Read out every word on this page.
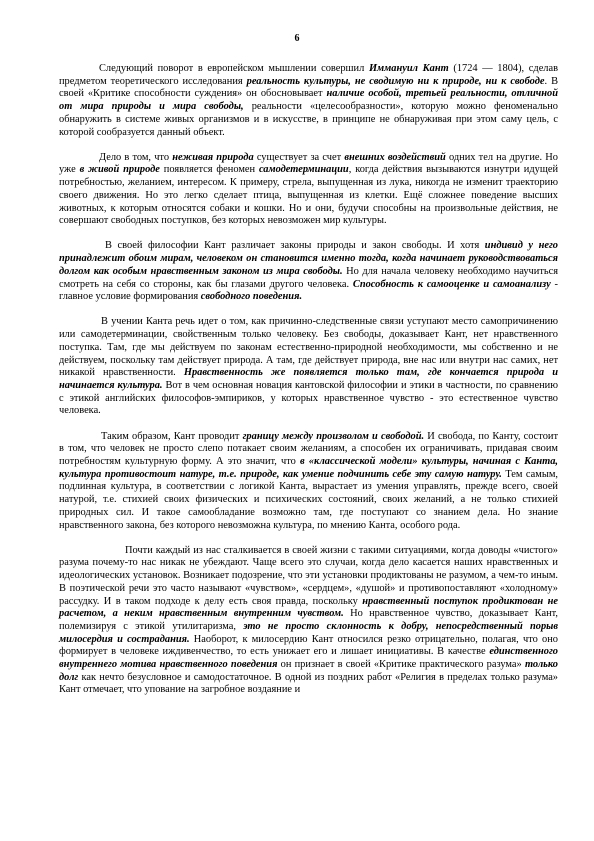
6

Следующий поворот в европейском мышлении совершил Иммануил Кант (1724 — 1804), сделав предметом теоретического исследования реальность культуры, не сводимую ни к природе, ни к свободе. В своей «Критике способности суждения» он обосновывает наличие особой, третьей реальности, отличной от мира природы и мира свободы, реальности «целесообразности», которую можно феноменально обнаружить в системе живых организмов и в искусстве, в принципе не обнаруживая при этом саму цель, с которой сообразуется данный объект.

Дело в том, что неживая природа существует за счет внешних воздействий одних тел на другие. Но уже в живой природе появляется феномен самодетерминации, когда действия вызываются изнутри идущей потребностью, желанием, интересом. К примеру, стрела, выпущенная из лука, никогда не изменит траекторию своего движения. Но это легко сделает птица, выпущенная из клетки. Ещё сложнее поведение высших животных, к которым относятся собаки и кошки. Но и они, будучи способны на произвольные действия, не совершают свободных поступков, без которых невозможен мир культуры.

В своей философии Кант различает законы природы и закон свободы. И хотя индивид у него принадлежит обоим мирам, человеком он становится именно тогда, когда начинает руководствоваться долгом как особым нравственным законом из мира свободы. Но для начала человеку необходимо научиться смотреть на себя со стороны, как бы глазами другого человека. Способность к самооценке и самоанализу - главное условие формирования свободного поведения.

В учении Канта речь идет о том, как причинно-следственные связи уступают место самопричинению или самодетерминации, свойственным только человеку. Без свободы, доказывает Кант, нет нравственного поступка. Там, где мы действуем по законам естественно-природной необходимости, мы собственно и не действуем, поскольку там действует природа. А там, где действует природа, вне нас или внутри нас самих, нет никакой нравственности. Нравственность же появляется только там, где кончается природа и начинается культура. Вот в чем основная новация кантовской философии и этики в частности, по сравнению с этикой английских философов-эмпириков, у которых нравственное чувство - это естественное чувство человека.

Таким образом, Кант проводит границу между произволом и свободой. И свобода, по Канту, состоит в том, что человек не просто слепо потакает своим желаниям, а способен их ограничивать, придавая своим потребностям культурную форму. А это значит, что в «классической модели» культуры, начиная с Канта, культура противостоит натуре, т.е. природе, как умение подчинить себе эту самую натуру. Тем самым, подлинная культура, в соответствии с логикой Канта, вырастает из умения управлять, прежде всего, своей натурой, т.е. стихией своих физических и психических состояний, своих желаний, а не только стихией природных сил. И такое самообладание возможно там, где поступают со знанием дела. Но знание нравственного закона, без которого невозможна культура, по мнению Канта, особого рода.

Почти каждый из нас сталкивается в своей жизни с такими ситуациями, когда доводы «чистого» разума почему-то нас никак не убеждают. Чаще всего это случаи, когда дело касается наших нравственных и идеологических установок. Возникает подозрение, что эти установки продиктованы не разумом, а чем-то иным. В поэтической речи это часто называют «чувством», «сердцем», «душой» и противопоставляют «холодному» рассудку. И в таком подходе к делу есть своя правда, поскольку нравственный поступок продиктован не расчетом, а неким нравственным внутренним чувством. Но нравственное чувство, доказывает Кант, полемизируя с этикой утилитаризма, это не просто склонность к добру, непосредственный порыв милосердия и сострадания. Наоборот, к милосердию Кант относился резко отрицательно, полагая, что оно формирует в человеке иждивенчество, то есть унижает его и лишает инициативы. В качестве единственного внутреннего мотива нравственного поведения он признает в своей «Критике практического разума» только долг как нечто безусловное и самодостаточное. В одной из поздних работ «Религия в пределах только разума» Кант отмечает, что упование на загробное воздаяние и
